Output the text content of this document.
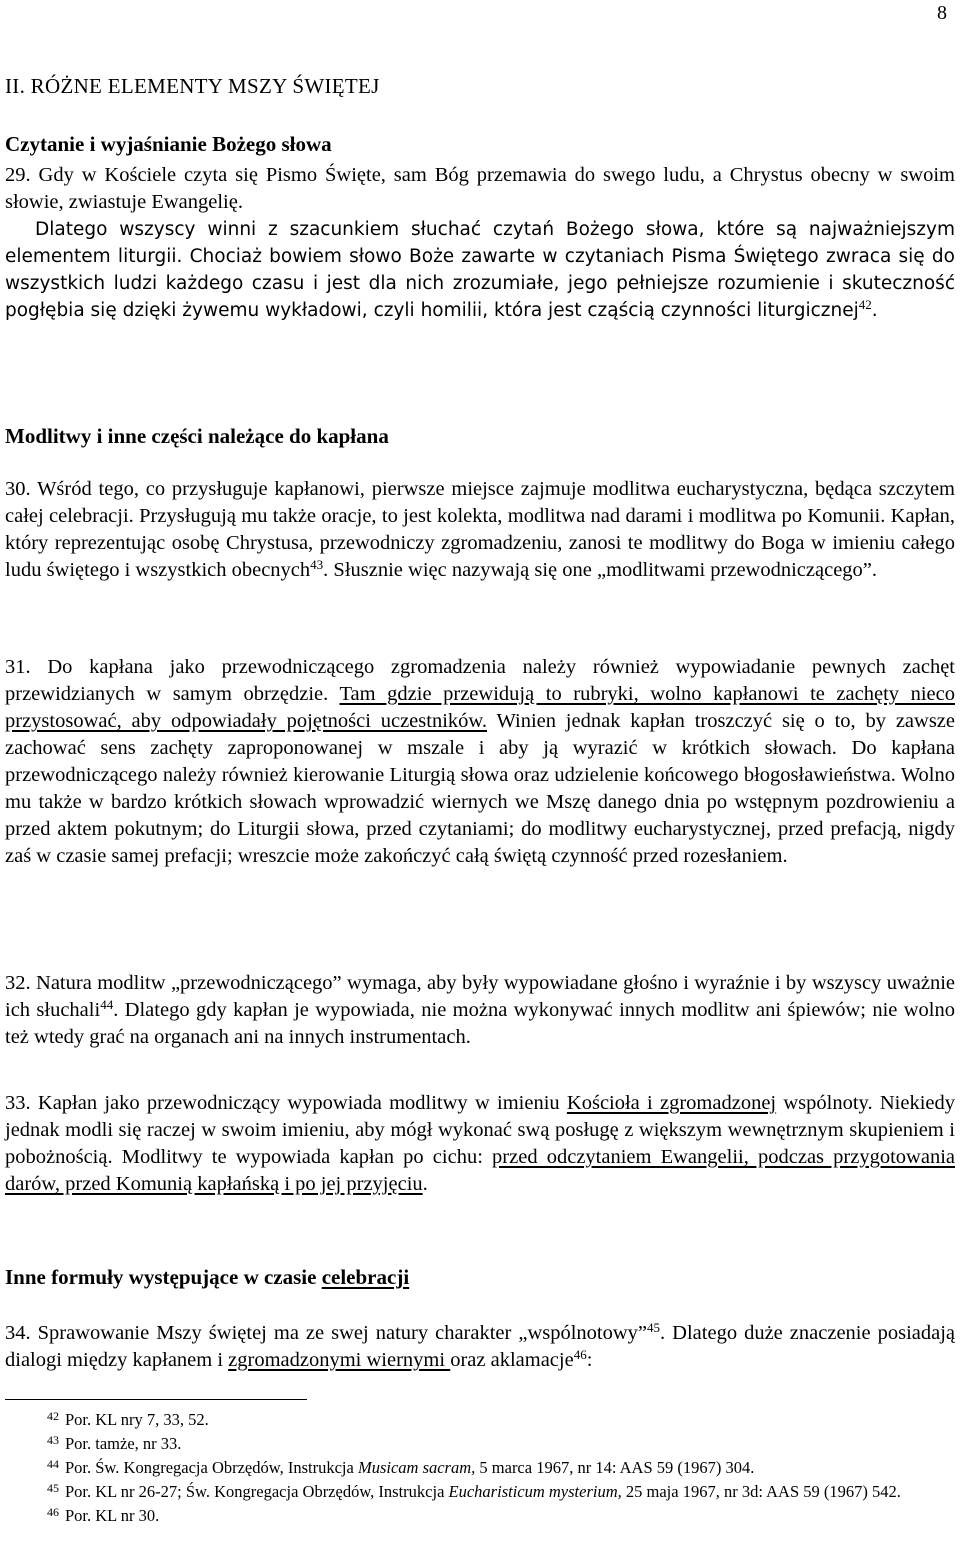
8
II. RÓŻNE ELEMENTY MSZY ŚWIĘTEJ
Czytanie i wyjaśnianie Bożego słowa

29. Gdy w Kościele czyta się Pismo Święte, sam Bóg przemawia do swego ludu, a Chrystus obecny w swoim słowie, zwiastuje Ewangelię.
Dlatego wszyscy winni z szacunkiem słuchać czytań Bożego słowa, które są najważniejszym elementem liturgii. Chociaż bowiem słowo Boże zawarte w czytaniach Pisma Świętego zwraca się do wszystkich ludzi każdego czasu i jest dla nich zrozumiałe, jego pełniejsze rozumienie i skuteczność pogłębia się dzięki żywemu wykładowi, czyli homilii, która jest cząścią czynności liturgicznej$^{42}$.

Modlitwy i inne części należące do kapłana

30. Wśród tego, co przysługuje kapłanowi, pierwsze miejsce zajmuje modlitwa eucharystyczna, będąca szczytem całej celebracji. Przysługują mu także oracje, to jest kolekta, modlitwa nad darami i modlitwa po Komunii. Kapłan, który reprezentując osobę Chrystusa, przewodniczy zgromadzeniu, zanosi te modlitwy do Boga w imieniu całego ludu świętego i wszystkich obecnych$^{43}$. Słusznie więc nazywają się one „modlitwami przewodniczącego”.

31. Do kapłana jako przewodniczącego zgromadzenia należy również wypowiadanie pewnych zachęt przewidzianych w samym obrzędzie. Tam gdzie przewidują to rubryki, wolno kapłanowi te zachęty nieco przystosować, aby odpowiadały pojętności uczestników. Winien jednak kapłan troszczyć się o to, by zawsze zachować sens zachęty zaproponowanej w mszale i aby ją wyrazić w krótkich słowach. Do kapłana przewodniczącego należy również kierowanie Liturgią słowa oraz udzielenie końcowego błogosławieństwa. Wolno mu także w bardzo krótkich słowach wprowadzić wiernych we Mszę danego dnia po wstępnym pozdrowieniu a przed aktem pokutnym; do Liturgii słowa, przed czytaniami; do modlitwy eucharystycznej, przed prefacją, nigdy zaś w czasie samej prefacji; wreszcie może zakończyć całą świętą czynność przed rozesłaniem.

32. Natura modlitw „przewodniczącego” wymaga, aby były wypowiadane głośno i wyraźnie i by wszyscy uważnie ich słuchali$^{44}$. Dlatego gdy kapłan je wypowiada, nie można wykonywać innych modlitw ani śpiewów; nie wolno też wtedy grać na organach ani na innych instrumentach.

33. Kapłan jako przewodniczący wypowiada modlitwy w imieniu Kościoła i zgromadzonej wspólnoty. Niekiedy jednak modli się raczej w swoim imieniu, aby mógł wykonać swą posługę z większym wewnętrznym skupieniem i pobożnością. Modlitwy te wypowiada kapłan po cichu: przed odczytaniem Ewangelii, podczas przygotowania darów, przed Komunią kapłańską i po jej przyjęciu.

Inne formuły występujące w czasie celebracji

34. Sprawowanie Mszy świętej ma ze swej natury charakter „wspólnotowy”$^{45}$. Dlatego duże znaczenie posiadają dialogi między kapłanem i zgromadzonymi wiernymi oraz aklamacje$^{46}$:

42 Por. KL nry 7, 33, 52.

43 Por. tamże, nr 33.

44 Por. Św. Kongregacja Obrzędów, Instrukcja Musicam sacram, 5 marca 1967, nr 14: AAS 59 (1967) 304.

45 Por. KL nr 26-27; Św. Kongregacja Obrzędów, Instrukcja Eucharisticum mysterium, 25 maja 1967, nr 3d: AAS 59 (1967) 542.

46 Por. KL nr 30.
